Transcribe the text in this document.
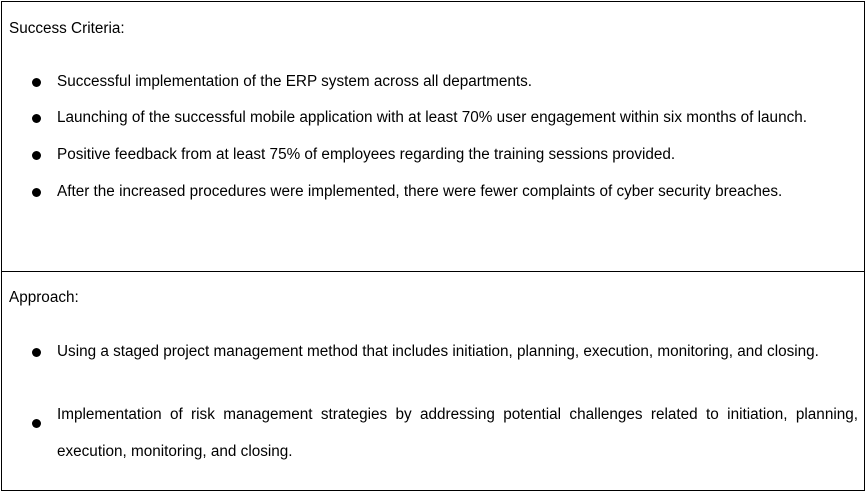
Success Criteria:
Successful implementation of the ERP system across all departments.
Launching of the successful mobile application with at least 70% user engagement within six months of launch.
Positive feedback from at least 75% of employees regarding the training sessions provided.
After the increased procedures were implemented, there were fewer complaints of cyber security breaches.
Approach:
Using a staged project management method that includes initiation, planning, execution, monitoring, and closing.
Implementation of risk management strategies by addressing potential challenges related to initiation, planning, execution, monitoring, and closing.
